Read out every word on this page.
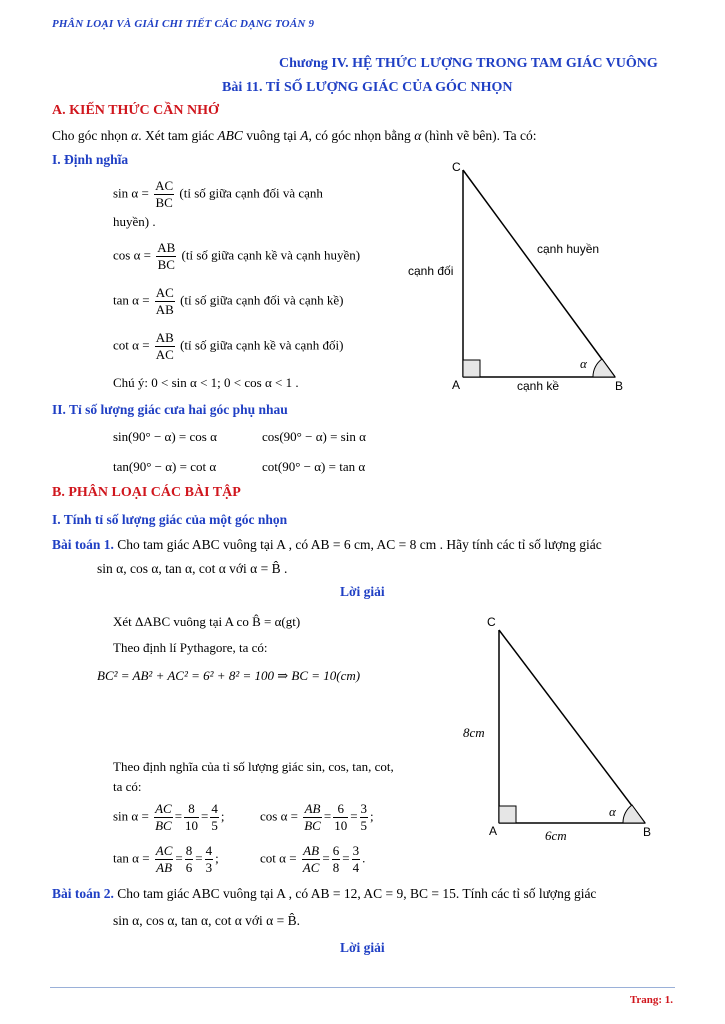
PHÂN LOẠI VÀ GIẢI CHI TIẾT CÁC DẠNG TOÁN 9
Chương IV. HỆ THỨC LƯỢNG TRONG TAM GIÁC VUÔNG
Bài 11. TỈ SỐ LƯỢNG GIÁC CỦA GÓC NHỌN
A. KIẾN THỨC CẦN NHỚ
Cho góc nhọn α. Xét tam giác ABC vuông tại A, có góc nhọn bằng α (hình vẽ bên). Ta có:
I. Định nghĩa
$\sin \alpha = \frac{AC}{BC}$ (tỉ số giữa cạnh đối và cạnh
huyền) .
$\cos \alpha = \frac{AB}{BC}$ (tỉ số giữa cạnh kề và cạnh huyền)
$\tan \alpha = \frac{AC}{AB}$ (tỉ số giữa cạnh đối và cạnh kề)
$\cot \alpha = \frac{AB}{AC}$ (tỉ số giữa cạnh kề và cạnh đối)
Chú ý: 0 < sin α < 1; 0 < cos α < 1 .
C
A	B
cạnh huyền
cạnh đối
cạnh kề
α
II. Tỉ số lượng giác cưa hai góc phụ nhau
sin(90° − α) = cos α	cos(90° − α) = sin α
tan(90° − α) = cot α	cot(90° − α) = tan α
B. PHÂN LOẠI CÁC BÀI TẬP
I. Tính tỉ số lượng giác của một góc nhọn
Bài toán 1. Cho tam giác ABC vuông tại A , có AB = 6 cm, AC = 8 cm . Hãy tính các tỉ số lượng giác
sin α, cos α, tan α, cot α với α = B̂ .
Lời giải
Xét ΔABC vuông tại A co B̂ = α(gt)
Theo định lí Pythagore, ta có:
BC² = AB² + AC² = 6² + 8² = 100 ⇒ BC = 10(cm)
Theo định nghĩa của tỉ số lượng giác sin, cos, tan, cot,
ta có:
$\sin \alpha = \frac{AC}{BC} = \frac{8}{10} = \frac{4}{5}$ ;	$\cos \alpha = \frac{AB}{BC} = \frac{6}{10} = \frac{3}{5}$ ;
$\tan \alpha = \frac{AC}{AB} = \frac{8}{6} = \frac{4}{3}$ ;	$\cot \alpha = \frac{AB}{AC} = \frac{6}{8} = \frac{3}{4}$ .
C
A	B
8cm
6cm
α
Bài toán 2. Cho tam giác ABC vuông tại A , có AB = 12, AC = 9, BC = 15. Tính các tỉ số lượng giác
sin α, cos α, tan α, cot α với α = B̂.
Lời giải
Trang: 1.
